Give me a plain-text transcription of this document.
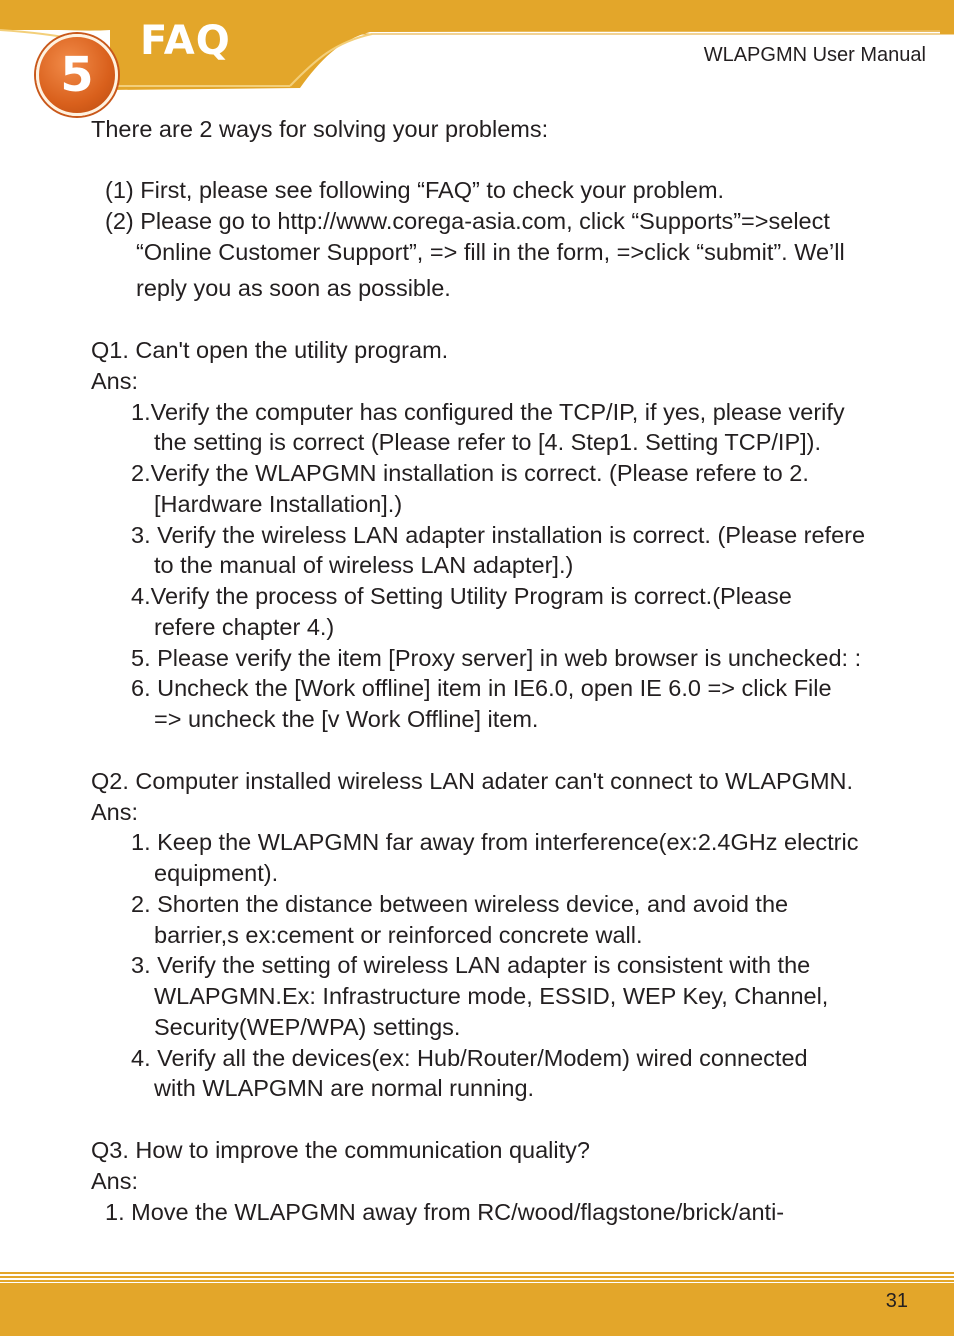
5
FAQ	WLAPGMN User Manual
There are 2 ways for solving your problems:
(1) First, please see following “FAQ” to check your problem.
(2) Please go to http://www.corega-asia.com, click “Supports”=>select
“Online Customer Support”, => fill in the form, =>click “submit”. We’ll
reply you as soon as possible.
Q1. Can't open the utility program.
Ans:
1.Verify the computer has configured the TCP/IP, if yes, please verify
the setting is correct (Please refer to [4. Step1. Setting TCP/IP]).
2.Verify the WLAPGMN installation is correct. (Please refere to 2.
[Hardware Installation].)
3. Verify the wireless LAN adapter installation is correct. (Please refere
to the manual of wireless LAN adapter].)
4.Verify the process of Setting Utility Program is correct.(Please
refere chapter 4.)
5. Please verify the item [Proxy server] in web browser is unchecked: :
6. Uncheck the [Work offline] item in IE6.0, open IE 6.0 => click File
=> uncheck the [v Work Offline] item.
Q2. Computer installed wireless LAN adater can't connect to WLAPGMN.
Ans:
1. Keep the WLAPGMN far away from interference(ex:2.4GHz electric
equipment).
2. Shorten the distance between wireless device, and avoid the
barrier,s ex:cement or reinforced concrete wall.
3. Verify the setting of wireless LAN adapter is consistent with the
WLAPGMN.Ex: Infrastructure mode, ESSID, WEP Key, Channel,
Security(WEP/WPA) settings.
4. Verify all the devices(ex: Hub/Router/Modem) wired connected
with WLAPGMN are normal running.
Q3. How to improve the communication quality?
Ans:
1. Move the WLAPGMN away from RC/wood/flagstone/brick/anti-
31
